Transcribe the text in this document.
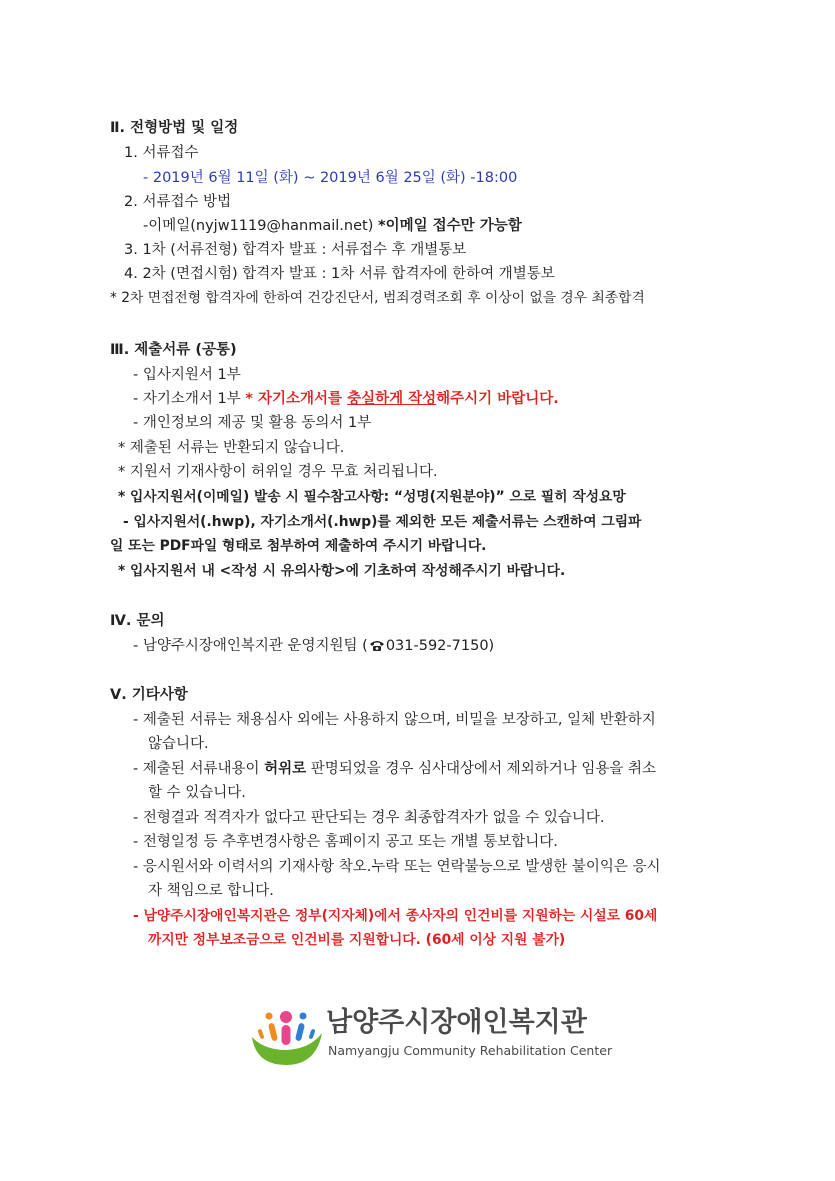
Ⅱ. 전형방법 및 일정
1. 서류접수
- 2019년 6월 11일 (화) ~ 2019년 6월 25일 (화) -18:00
2. 서류접수 방법
-이메일(nyjw1119@hanmail.net) *이메일 접수만 가능함
3. 1차 (서류전형) 합격자 발표 : 서류접수 후 개별통보
4. 2차 (면접시험) 합격자 발표 : 1차 서류 합격자에 한하여 개별통보
* 2차 면접전형 합격자에 한하여 건강진단서, 범죄경력조회 후 이상이 없을 경우 최종합격
Ⅲ. 제출서류 (공통)
- 입사지원서 1부
- 자기소개서 1부 * 자기소개서를 충실하게 작성해주시기 바랍니다.
- 개인정보의 제공 및 활용 동의서 1부
* 제출된 서류는 반환되지 않습니다.
* 지원서 기재사항이 허위일 경우 무효 처리됩니다.
* 입사지원서(이메일) 발송 시 필수참고사항: “성명(지원분야)” 으로 필히 작성요망
- 입사지원서(.hwp), 자기소개서(.hwp)를 제외한 모든 제출서류는 스캔하여 그림파
일 또는 PDF파일 형태로 첨부하여 제출하여 주시기 바랍니다.
* 입사지원서 내 <작성 시 유의사항>에 기초하여 작성해주시기 바랍니다.
Ⅳ. 문의
- 남양주시장애인복지관 운영지원팀 ( 031-592-7150)
Ⅴ. 기타사항
- 제출된 서류는 채용심사 외에는 사용하지 않으며, 비밀을 보장하고, 일체 반환하지
않습니다.
- 제출된 서류내용이 허위로 판명되었을 경우 심사대상에서 제외하거나 임용을 취소
할 수 있습니다.
- 전형결과 적격자가 없다고 판단되는 경우 최종합격자가 없을 수 있습니다.
- 전형일정 등 추후변경사항은 홈페이지 공고 또는 개별 통보합니다.
- 응시원서와 이력서의 기재사항 착오.누락 또는 연락불능으로 발생한 불이익은 응시
자 책임으로 합니다.
- 남양주시장애인복지관은 정부(지자체)에서 종사자의 인건비를 지원하는 시설로 60세
까지만 정부보조금으로 인건비를 지원합니다. (60세 이상 지원 불가)
남양주시장애인복지관
Namyangju Community Rehabilitation Center
